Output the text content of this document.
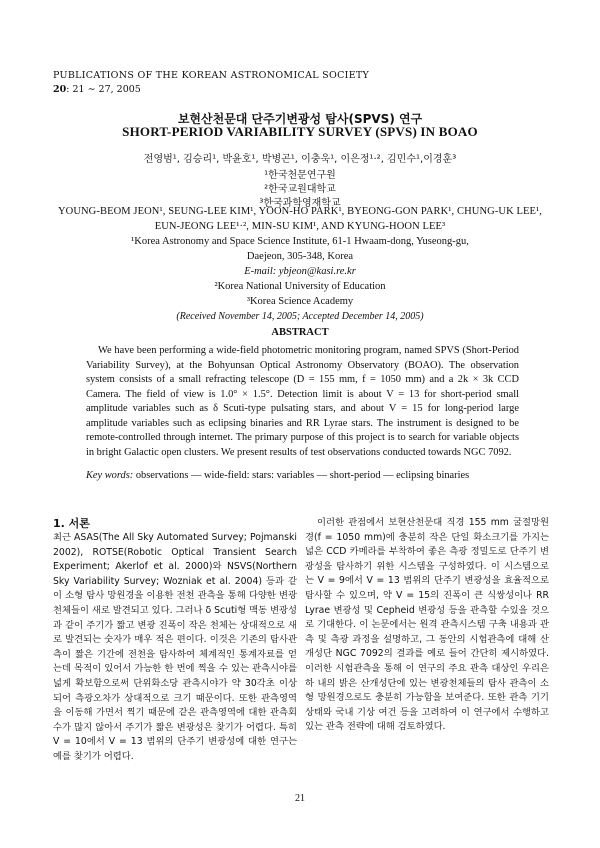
PUBLICATIONS OF THE KOREAN ASTRONOMICAL SOCIETY
20: 21 ∼ 27, 2005
보현산천문대 단주기변광성 탐사(SPVS) 연구
SHORT-PERIOD VARIABILITY SURVEY (SPVS) IN BOAO
전영범¹, 김승리¹, 박윤호¹, 박병곤¹, 이충욱¹, 이은정¹·², 김민수¹,이경훈³
¹한국천문연구원
²한국교원대학교
³한국과학영재학교
YOUNG-BEOM JEON¹, SEUNG-LEE KIM¹, YOON-HO PARK¹, BYEONG-GON PARK¹, CHUNG-UK LEE¹,
EUN-JEONG LEE¹·², MIN-SU KIM¹, AND KYUNG-HOON LEE³
¹Korea Astronomy and Space Science Institute, 61-1 Hwaam-dong, Yuseong-gu,
Daejeon, 305-348, Korea
E-mail: ybjeon@kasi.re.kr
²Korea National University of Education
³Korea Science Academy
(Received November 14, 2005; Accepted December 14, 2005)
ABSTRACT
We have been performing a wide-field photometric monitoring program, named SPVS (Short-Period Variability Survey), at the Bohyunsan Optical Astronomy Observatory (BOAO). The observation system consists of a small refracting telescope (D = 155 mm, f = 1050 mm) and a 2k × 3k CCD Camera. The field of view is 1.0° × 1.5°. Detection limit is about V = 13 for short-period small amplitude variables such as δ Scuti-type pulsating stars, and about V = 15 for long-period large amplitude variables such as eclipsing binaries and RR Lyrae stars. The instrument is designed to be remote-controlled through internet. The primary purpose of this project is to search for variable objects in bright Galactic open clusters. We present results of test observations conducted towards NGC 7092.
Key words: observations — wide-field: stars: variables — short-period — eclipsing binaries
1. 서론
최근 ASAS(The All Sky Automated Survey; Pojmanski 2002), ROTSE(Robotic Optical Transient Search Experiment; Akerlof et al. 2000)와 NSVS(Northern Sky Variability Survey; Wozniak et al. 2004) 등과 같이 소형 탐사 망원경을 이용한 전천 관측을 통해 다양한 변광천체들이 새로 발견되고 있다. 그러나 δ Scuti형 맥동 변광성과 같이 주기가 짧고 변광 진폭이 작은 천체는 상대적으로 새로 발견되는 숫자가 매우 적은 편이다. 이것은 기존의 탐사관측이 짧은 기간에 전천을 탐사하여 체계적인 통계자료를 얻는데 목적이 있어서 가능한 한 번에 찍을 수 있는 관측시야를 넓게 확보함으로써 단위화소당 관측시야가 약 30각초 이상되어 측광오차가 상대적으로 크기 때문이다. 또한 관측영역을 이동해 가면서 찍기 때문에 같은 관측영역에 대한 관측회수가 많지 않아서 주기가 짧은 변광성은 찾기가 어렵다. 특히 V = 10에서 V = 13 범위의 단주기 변광성에 대한 연구는 예를 찾기가 어렵다.
이러한 관점에서 보현산천문대 직경 155 mm 굴절망원경(f = 1050 mm)에 충분히 작은 단일 화소크기를 가지는 넓은 CCD 카메라를 부착하여 좋은 측광 정밀도로 단주기 변광성을 탐사하기 위한 시스템을 구성하였다. 이 시스템으로는 V = 9에서 V = 13 범위의 단주기 변광성을 효율적으로 탐사할 수 있으며, 약 V = 15의 진폭이 큰 식쌍성이나 RR Lyrae 변광성 및 Cepheid 변광성 등을 관측할 수있을 것으로 기대한다. 이 논문에서는 원격 관측시스템 구축 내용과 관측 및 측광 과정을 설명하고, 그 동안의 시험관측에 대해 산개성단 NGC 7092의 결과를 예로 들어 간단히 제시하였다. 이러한 시험관측을 통해 이 연구의 주요 관측 대상인 우리은하 내의 밝은 산개성단에 있는 변광천체들의 탐사 관측이 소형 망원경으로도 충분히 가능함을 보여준다. 또한 관측 기기 상태와 국내 기상 여건 등을 고려하여 이 연구에서 수행하고 있는 관측 전략에 대해 검토하였다.
21
